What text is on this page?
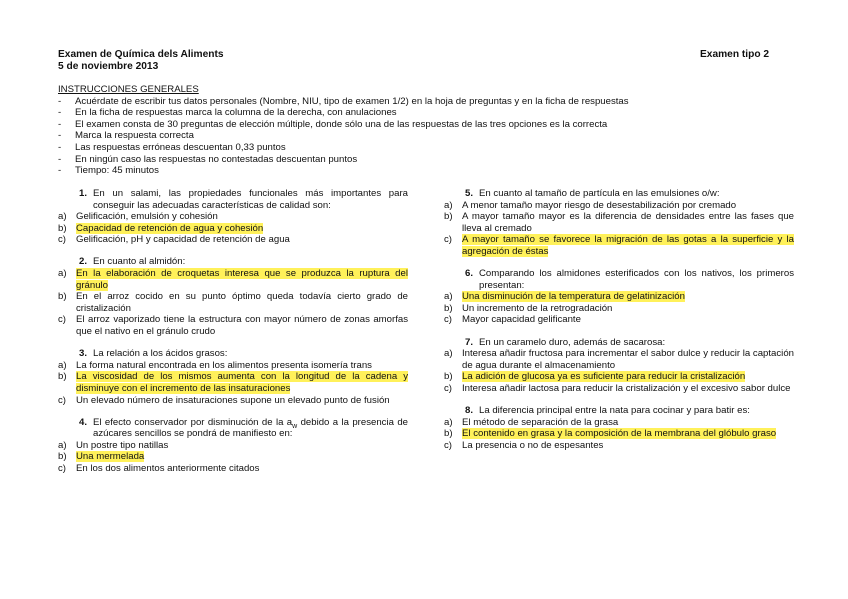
Examen de Química dels Aliments
5 de noviembre 2013
Examen tipo 2
INSTRUCCIONES GENERALES
-	Acuérdate de escribir tus datos personales (Nombre, NIU, tipo de examen 1/2) en la hoja de preguntas y en la ficha de respuestas
-	En la ficha de respuestas marca la columna de la derecha, con anulaciones
-	El examen consta de 30 preguntas de elección múltiple, donde sólo una de las respuestas de las tres opciones es la correcta
-	Marca la respuesta correcta
-	Las respuestas erróneas descuentan 0,33 puntos
-	En ningún caso las respuestas no contestadas descuentan puntos
-	Tiempo: 45 minutos
1. En un salami, las propiedades funcionales más importantes para conseguir las adecuadas características de calidad son:
a) Gelificación, emulsión y cohesión
b) Capacidad de retención de agua y cohesión
c)	Gelificación, pH y capacidad de retención de agua
2. En cuanto al almidón:
a) En la elaboración de croquetas interesa que se produzca la ruptura del gránulo
b) En el arroz cocido en su punto óptimo queda todavía cierto grado de cristalización
c)	El arroz vaporizado tiene la estructura con mayor número de zonas amorfas que el nativo en el gránulo crudo
3. La relación a los ácidos grasos:
a) La forma natural encontrada en los alimentos presenta isomería trans
b) La viscosidad de los mismos aumenta con la longitud de la cadena y disminuye con el incremento de las insaturaciones
c)	Un elevado número de insaturaciones supone un elevado punto de fusión
4. El efecto conservador por disminución de la $a_w$ debido a la presencia de azúcares sencillos se pondrá de manifiesto en:
a) Un postre tipo natillas
b) Una mermelada
c)	En los dos alimentos anteriormente citados
5. En cuanto al tamaño de partícula en las emulsiones o/w:
a) A menor tamaño mayor riesgo de desestabilización por cremado
b) A mayor tamaño mayor es la diferencia de densidades entre las fases que lleva al cremado
c)	A mayor tamaño se favorece la migración de las gotas a la superficie y la agregación de éstas
6. Comparando los almidones esterificados con los nativos, los primeros presentan:
a) Una disminución de la temperatura de gelatinización
b) Un incremento de la retrogradación
c)	Mayor capacidad gelificante
7. En un caramelo duro, además de sacarosa:
a) Interesa añadir fructosa para incrementar el sabor dulce y reducir la captación de agua durante el almacenamiento
b) La adición de glucosa ya es suficiente para reducir la cristalización
c)	Interesa añadir lactosa para reducir la cristalización y el excesivo sabor dulce
8. La diferencia principal entre la nata para cocinar y para batir es:
a) El método de separación de la grasa
b) El contenido en grasa y la composición de la membrana del glóbulo graso
c)	La presencia o no de espesantes
